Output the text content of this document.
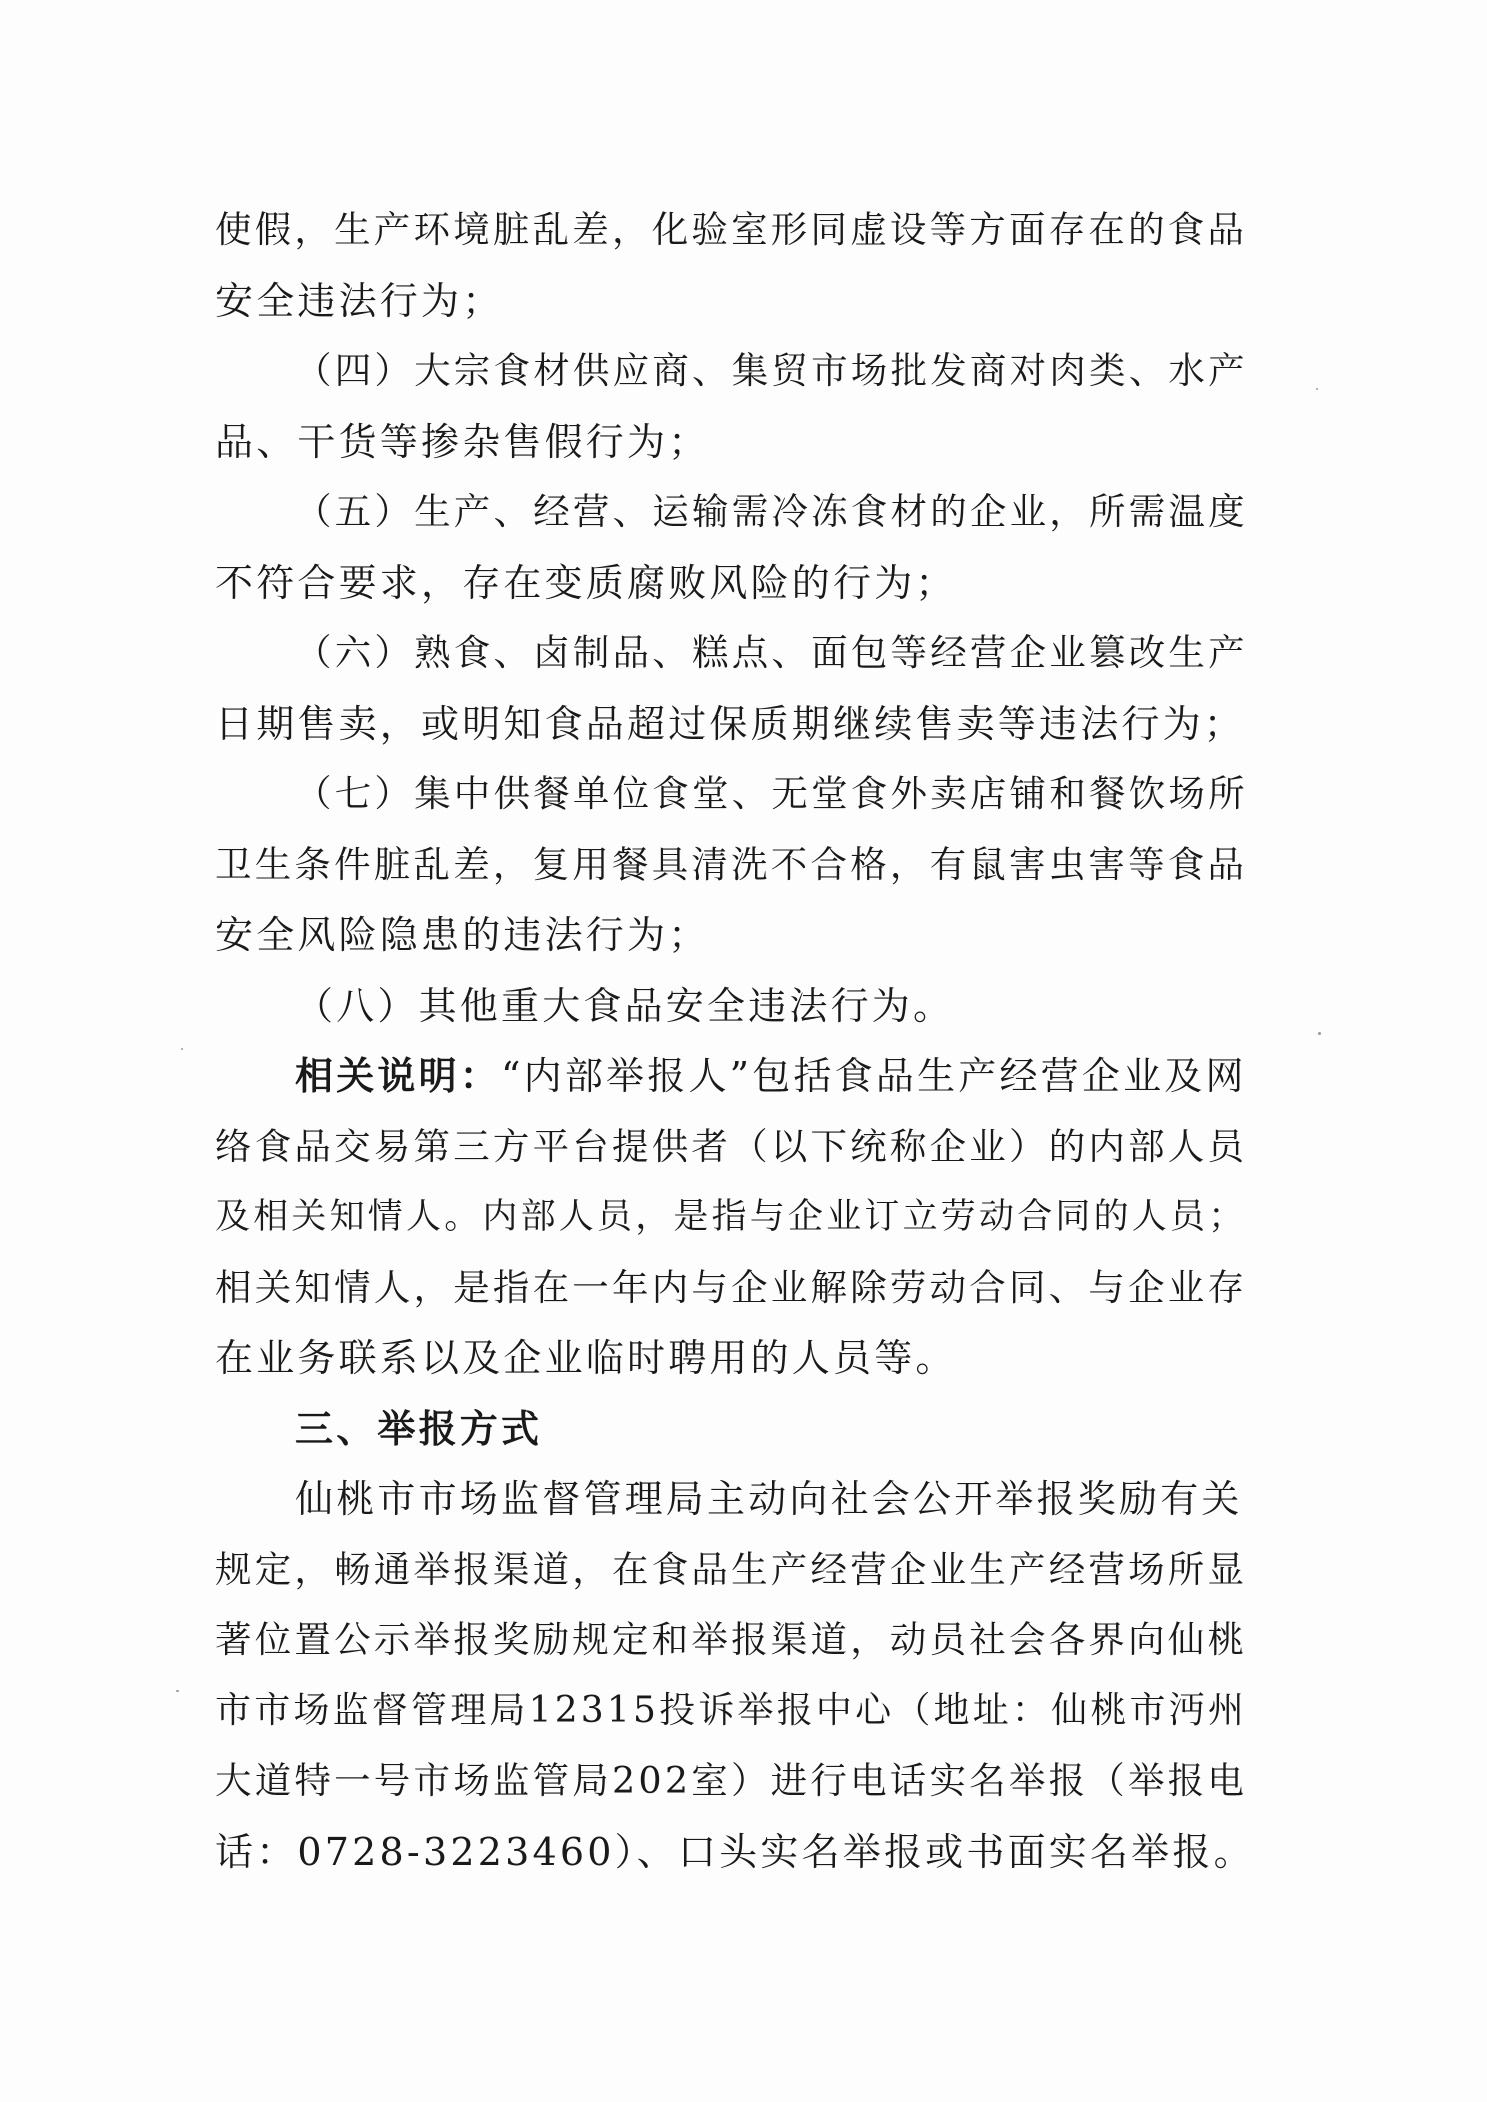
使假，生产环境脏乱差，化验室形同虚设等方面存在的食品
安全违法行为；
（四）大宗食材供应商、集贸市场批发商对肉类、水产
品、干货等掺杂售假行为；
（五）生产、经营、运输需冷冻食材的企业，所需温度
不符合要求，存在变质腐败风险的行为；
（六）熟食、卤制品、糕点、面包等经营企业篡改生产
日期售卖，或明知食品超过保质期继续售卖等违法行为；
（七）集中供餐单位食堂、无堂食外卖店铺和餐饮场所
卫生条件脏乱差，复用餐具清洗不合格，有鼠害虫害等食品
安全风险隐患的违法行为；
（八）其他重大食品安全违法行为。
相关说明：“内部举报人”包括食品生产经营企业及网
络食品交易第三方平台提供者（以下统称企业）的内部人员
及相关知情人。内部人员，是指与企业订立劳动合同的人员；
相关知情人，是指在一年内与企业解除劳动合同、与企业存
在业务联系以及企业临时聘用的人员等。
三、举报方式
仙桃市市场监督管理局主动向社会公开举报奖励有关
规定，畅通举报渠道，在食品生产经营企业生产经营场所显
著位置公示举报奖励规定和举报渠道，动员社会各界向仙桃
市市场监督管理局12315投诉举报中心（地址：仙桃市沔州
大道特一号市场监管局202室）进行电话实名举报（举报电
话：0728-3223460）、口头实名举报或书面实名举报。
